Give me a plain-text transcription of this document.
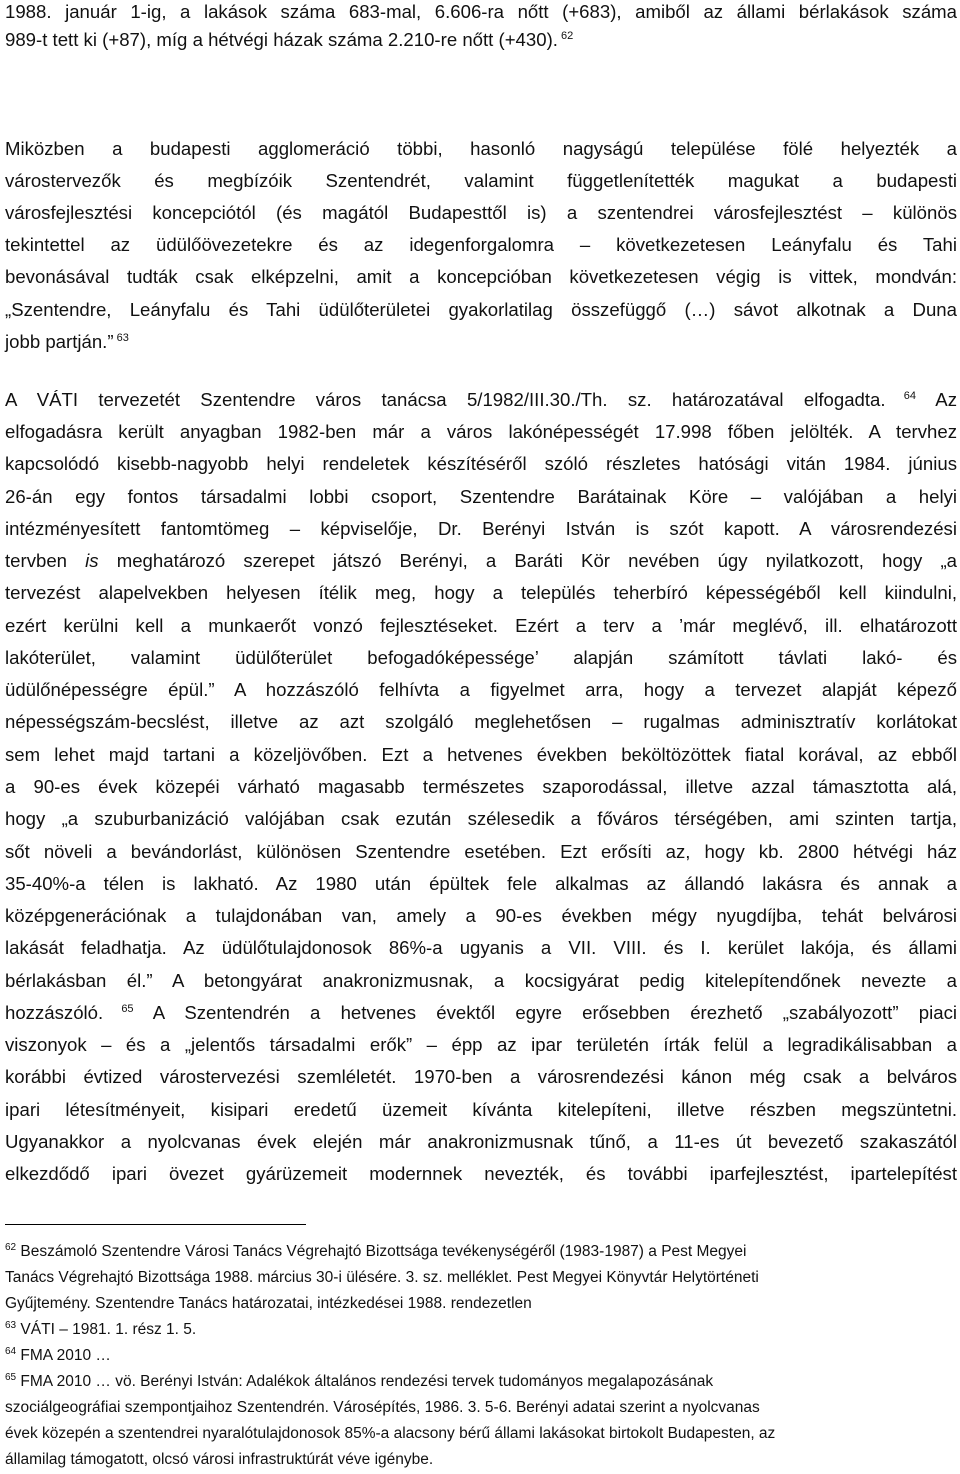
1988. január 1-ig, a lakások száma 683-mal, 6.606-ra nőtt (+683), amiből az állami bérlakások száma
989-t tett ki (+87), míg a hétvégi házak száma 2.210-re nőtt (+430). $^{62}$
Miközben a budapesti agglomeráció többi, hasonló nagyságú települése fölé helyezték a
várostervezők és megbízóik Szentendrét, valamint függetlenítették magukat a budapesti
városfejlesztési koncepciótól (és magától Budapesttől is) a szentendrei városfejlesztést – különös
tekintettel az üdülőövezetekre és az idegenforgalomra – következetesen Leányfalu és Tahi
bevonásával tudták csak elképzelni, amit a koncepcióban következetesen végig is vittek, mondván:
„Szentendre, Leányfalu és Tahi üdülőterületei gyakorlatilag összefüggő (…) sávot alkotnak a Duna
jobb partján.” $^{63}$
A VÁTI tervezetét Szentendre város tanácsa 5/1982/III.30./Th. sz. határozatával elfogadta. $^{64}$ Az
elfogadásra került anyagban 1982-ben már a város lakónépességét 17.998 főben jelölték. A tervhez
kapcsolódó kisebb-nagyobb helyi rendeletek készítéséről szóló részletes hatósági vitán 1984. június
26-án egy fontos társadalmi lobbi csoport, Szentendre Barátainak Köre – valójában a helyi
intézményesített fantomtömeg – képviselője, Dr. Berényi István is szót kapott. A városrendezési
tervben is meghatározó szerepet játszó Berényi, a Baráti Kör nevében úgy nyilatkozott, hogy „a
tervezést alapelvekben helyesen ítélik meg, hogy a település teherbíró képességéből kell kiindulni,
ezért kerülni kell a munkaerőt vonzó fejlesztéseket. Ezért a terv a ’már meglévő, ill. elhatározott
lakóterület, valamint üdülőterület befogadóképessége’ alapján számított távlati lakó- és
üdülőnépességre épül.” A hozzászóló felhívta a figyelmet arra, hogy a tervezet alapját képező
népességszám-becslést, illetve az azt szolgáló meglehetősen – rugalmas adminisztratív korlátokat
sem lehet majd tartani a közeljövőben. Ezt a hetvenes években beköltözöttek fiatal korával, az ebből
a 90-es évek közepéi várható magasabb természetes szaporodással, illetve azzal támasztotta alá,
hogy „a szuburbanizáció valójában csak ezután szélesedik a főváros térségében, ami szinten tartja,
sőt növeli a bevándorlást, különösen Szentendre esetében. Ezt erősíti az, hogy kb. 2800 hétvégi ház
35-40%-a télen is lakható. Az 1980 után épültek fele alkalmas az állandó lakásra és annak a
középgenerációnak a tulajdonában van, amely a 90-es években mégy nyugdíjba, tehát belvárosi
lakását feladhatja. Az üdülőtulajdonosok 86%-a ugyanis a VII. VIII. és I. kerület lakója, és állami
bérlakásban él.” A betongyárat anakronizmusnak, a kocsigyárat pedig kitelepítendőnek nevezte a
hozzászóló. $^{65}$ A Szentendrén a hetvenes évektől egyre erősebben érezhető „szabályozott” piaci
viszonyok – és a „jelentős társadalmi erők” – épp az ipar területén írták felül a legradikálisabban a
korábbi évtized várostervezési szemléletét. 1970-ben a városrendezési kánon még csak a belváros
ipari létesítményeit, kisipari eredetű üzemeit kívánta kitelepíteni, illetve részben megszüntetni.
Ugyanakkor a nyolcvanas évek elején már anakronizmusnak tűnő, a 11-es út bevezető szakaszától
elkezdődő ipari övezet gyárüzemeit modernnek nevezték, és további iparfejlesztést, ipartelepítést
$^{62}$ Beszámoló Szentendre Városi Tanács Végrehajtó Bizottsága tevékenységéről (1983-1987) a Pest Megyei
Tanács Végrehajtó Bizottsága 1988. március 30-i ülésére. 3. sz. melléklet. Pest Megyei Könyvtár Helytörténeti
Gyűjtemény. Szentendre Tanács határozatai, intézkedései 1988. rendezetlen
$^{63}$ VÁTI – 1981. 1. rész 1. 5.
$^{64}$ FMA 2010 …
$^{65}$ FMA 2010 … vö. Berényi István: Adalékok általános rendezési tervek tudományos megalapozásának
szociálgeográfiai szempontjaihoz Szentendrén. Városépítés, 1986. 3. 5-6. Berényi adatai szerint a nyolcvanas
évek közepén a szentendrei nyaralótulajdonosok 85%-a alacsony bérű állami lakásokat birtokolt Budapesten, az
államilag támogatott, olcsó városi infrastruktúrát véve igénybe.
